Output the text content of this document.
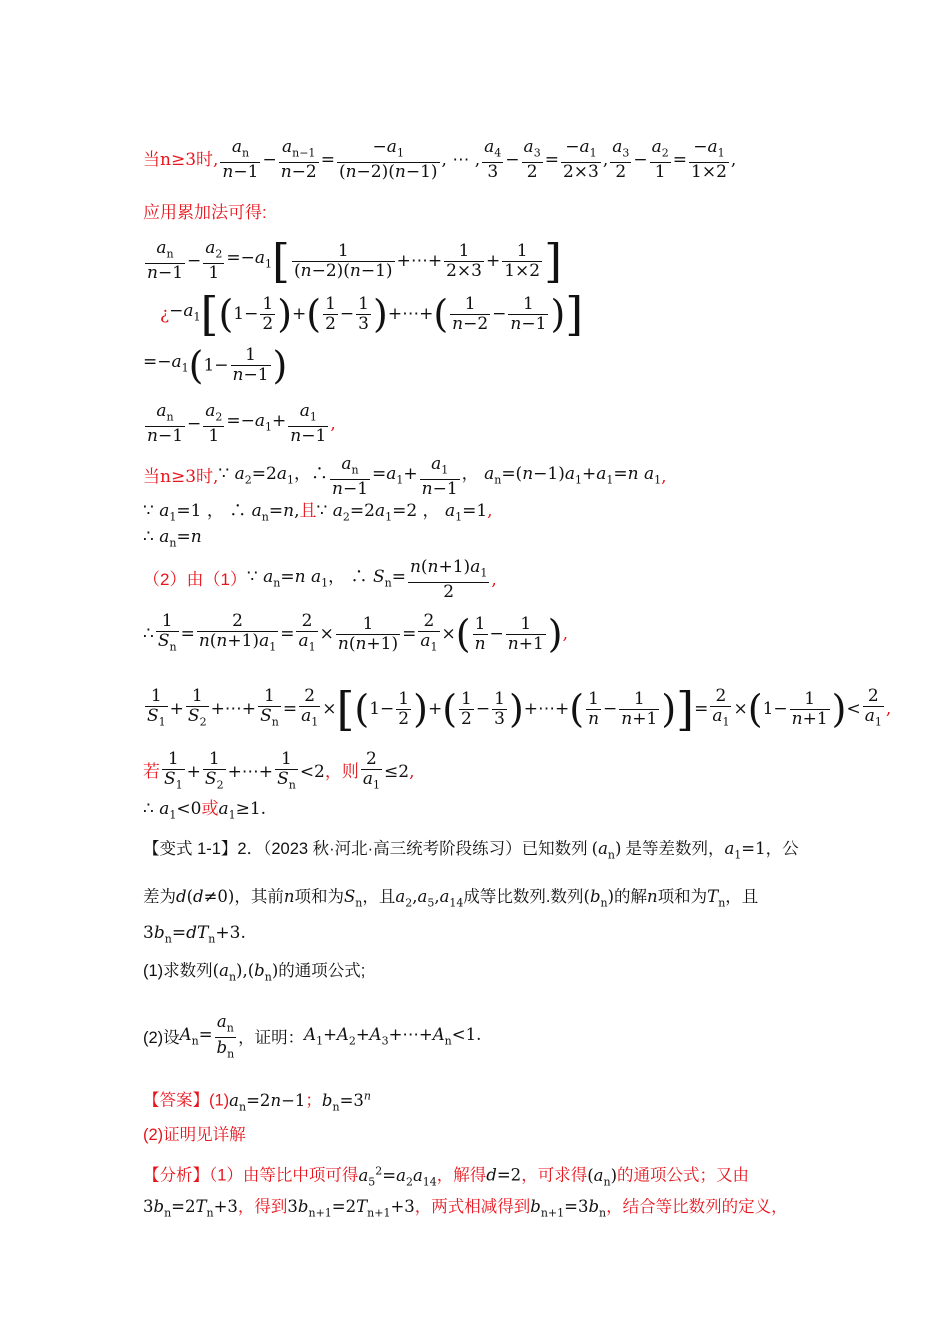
当n≥3时, $\frac{a_n}{n-1} - \frac{a_{n-1}}{n-2} = \frac{-a_1}{(n-2)(n-1)}$ , ⋯ , $\frac{a_4}{3} - \frac{a_3}{2} = \frac{-a_1}{2\times 3}$ , $\frac{a_3}{2} - \frac{a_2}{1} = \frac{-a_1}{1\times 2}$ ,
应用累加法可得:
$\frac{a_n}{n-1} - \frac{a_2}{1} =-a_1[ \frac{1}{(n-2)(n-1)}$ +⋯+ $\frac{1}{2\times 3} + \frac{1}{1\times 2}$ ]
¿$-a_1[(1- \frac{1}{2}$ )+( $\frac{1}{2} - \frac{1}{3}$ )+⋯+( $\frac{1}{n-2} - \frac{1}{n-1}$ )]
$=-a_1(1- \frac{1}{n-1}$ )
$\frac{a_n}{n-1} - \frac{a_2}{1} =-a_1+ \frac{a_1}{n-1}$ ,
当n≥3时,∵ $a_2=2a_1$，∴ $\frac{a_n}{n-1} =a_1+ \frac{a_1}{n-1}$ ， $a_n=(n-1)a_1+a_1=n$ $a_1$,
∵ $a_1=1$ ， ∴ $a_n=n$,且∵ $a_2=2a_1=2$ ， $a_1=1$,
∴ $a_n=n$
（2）由（1）∵ $a_n=n$ $a_1$， ∴ $S_n= \frac{n(n+1)a_1}{2}$ ,
∴ $\frac{1}{S_n} = \frac{2}{n(n+1)a_1} = \frac{2}{a_1} \times \frac{1}{n(n+1)} = \frac{2}{a_1}$ ×( $\frac{1}{n} - \frac{1}{n+1}$ ),
$\frac{1}{S_1} + \frac{1}{S_2}$ +⋯+ $\frac{1}{S_n} = \frac{2}{a_1} \times[(1- \frac{1}{2}$ )+( $\frac{1}{2} - \frac{1}{3}$ )+⋯+( $\frac{1}{n} - \frac{1}{n+1}$ )]= $\frac{2}{a_1} \times(1- \frac{1}{n+1}$ )< $\frac{2}{a_1}$ ,
若 $\frac{1}{S_1} + \frac{1}{S_2}$ +⋯+ $\frac{1}{S_n} <2$，则 $\frac{2}{a_1} \le 2$,
∴ $a_1<0$或$a_1\ge 1$.
【变式 1-1】2．（2023 秋·河北·高三统考阶段练习）已知数列 $(a_n)$ 是等差数列，$a_1=1$，公
差为d(d≠0)，其前n项和为$S_n$，且$a_2,a_5,a_{14}$成等比数列.数列$(b_n)$的解n项和为$T_n$，且
$3b_n=dT_n+3$.
(1)求数列$(a_n),(b_n)$的通项公式;
(2)设$A_n= \frac{a_n}{b_n}$ ，证明：$A_1+A_2+A_3+\cdots+A_n<1$.
【答案】$(1)a_n=2n-1$；$b_n=3^n$
(2)证明见详解
【分析】（1）由等比中项可得$a_5^2=a_2a_{14}$，解得d=2，可求得$(a_n)$的通项公式；又由
$3b_n=2T_n+3$，得到$3b_{n+1}=2T_{n+1}+3$，两式相减得到$b_{n+1}=3b_n$，结合等比数列的定义，
